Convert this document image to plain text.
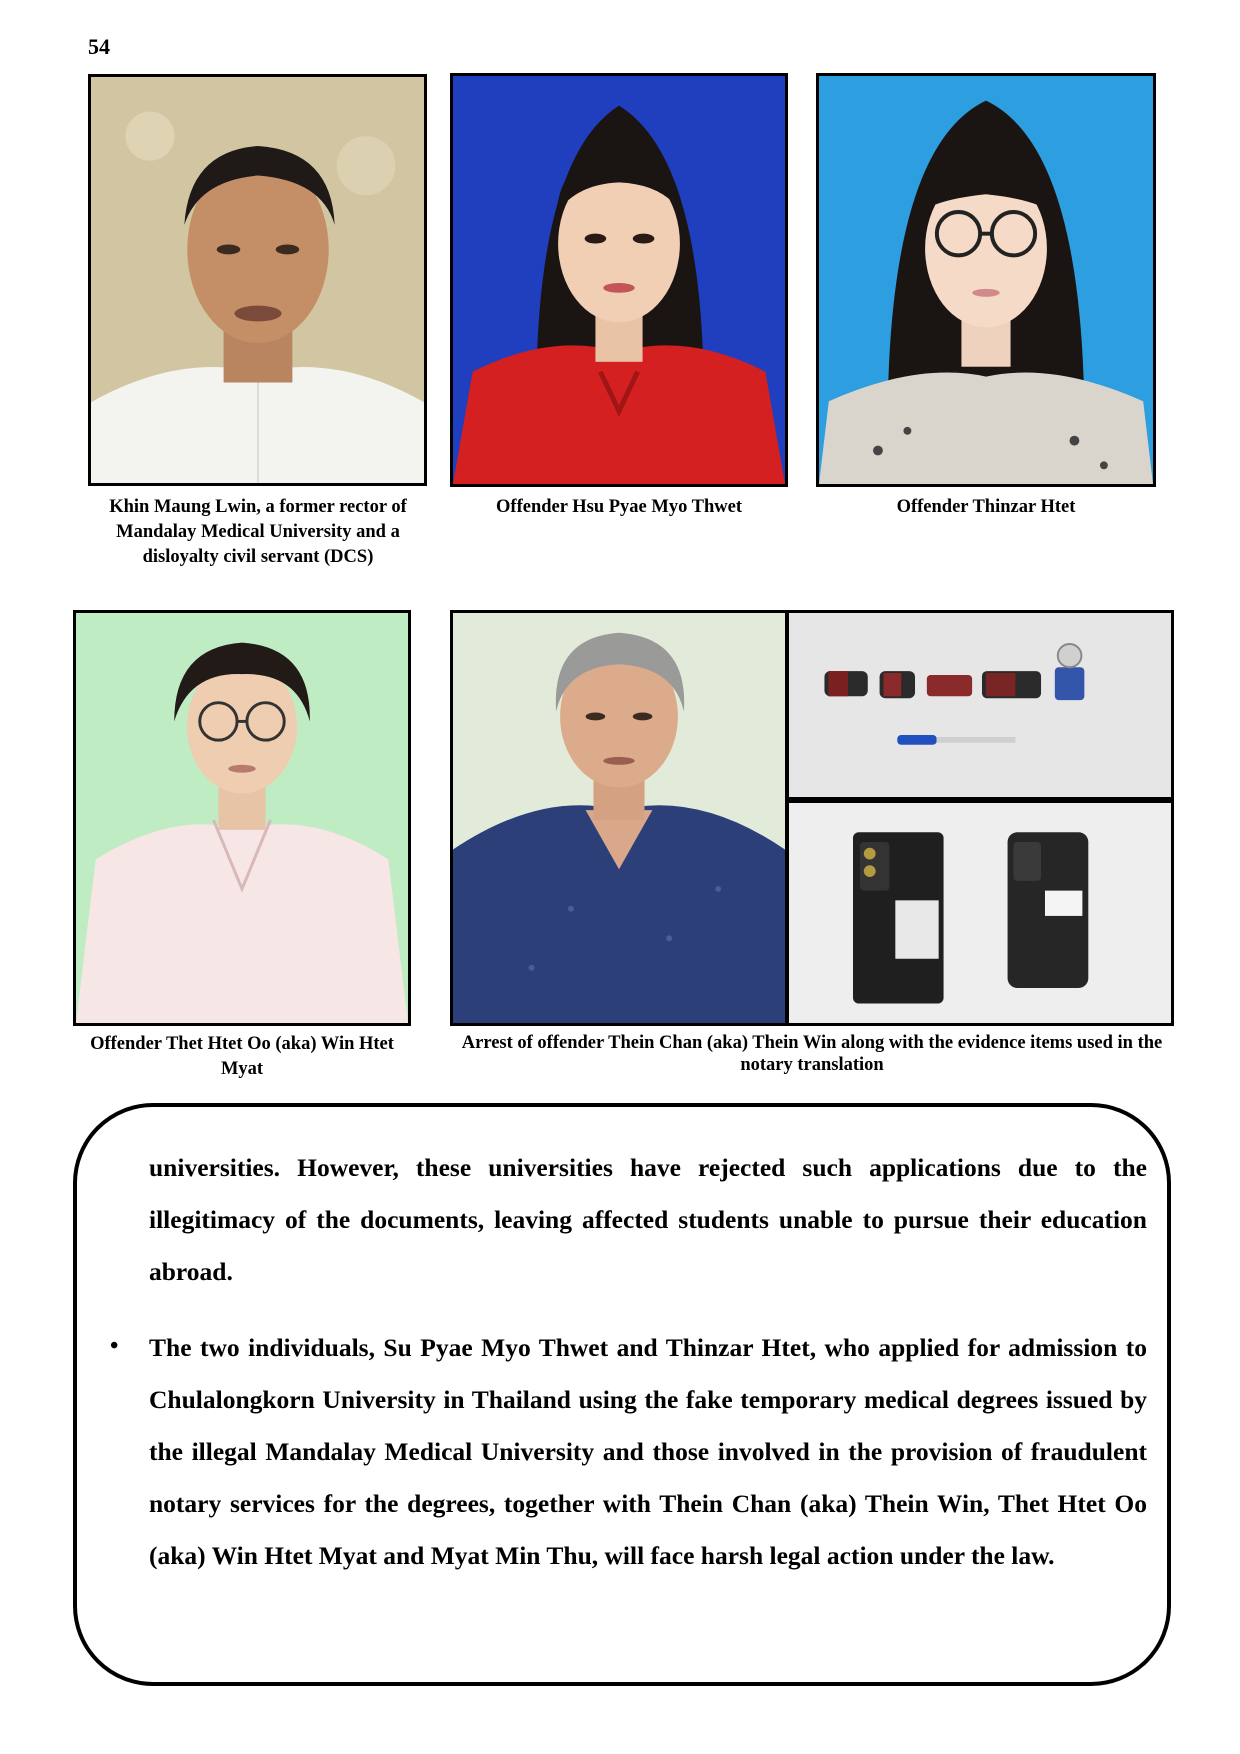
54
Khin Maung Lwin, a former rector of Mandalay Medical University and a disloyalty civil servant (DCS)
Offender Hsu Pyae Myo Thwet	Offender Thinzar Htet
Offender Thet Htet Oo (aka) Win Htet Myat
Arrest of offender Thein Chan (aka) Thein Win along with the evidence items used in the notary translation
universities. However, these universities have rejected such applications due to the illegitimacy of the documents, leaving affected students unable to pursue their education abroad.
• The two individuals, Su Pyae Myo Thwet and Thinzar Htet, who applied for admission to Chulalongkorn University in Thailand using the fake temporary medical degrees issued by the illegal Mandalay Medical University and those involved in the provision of fraudulent notary services for the degrees, together with Thein Chan (aka) Thein Win, Thet Htet Oo (aka) Win Htet Myat and Myat Min Thu, will face harsh legal action under the law.
